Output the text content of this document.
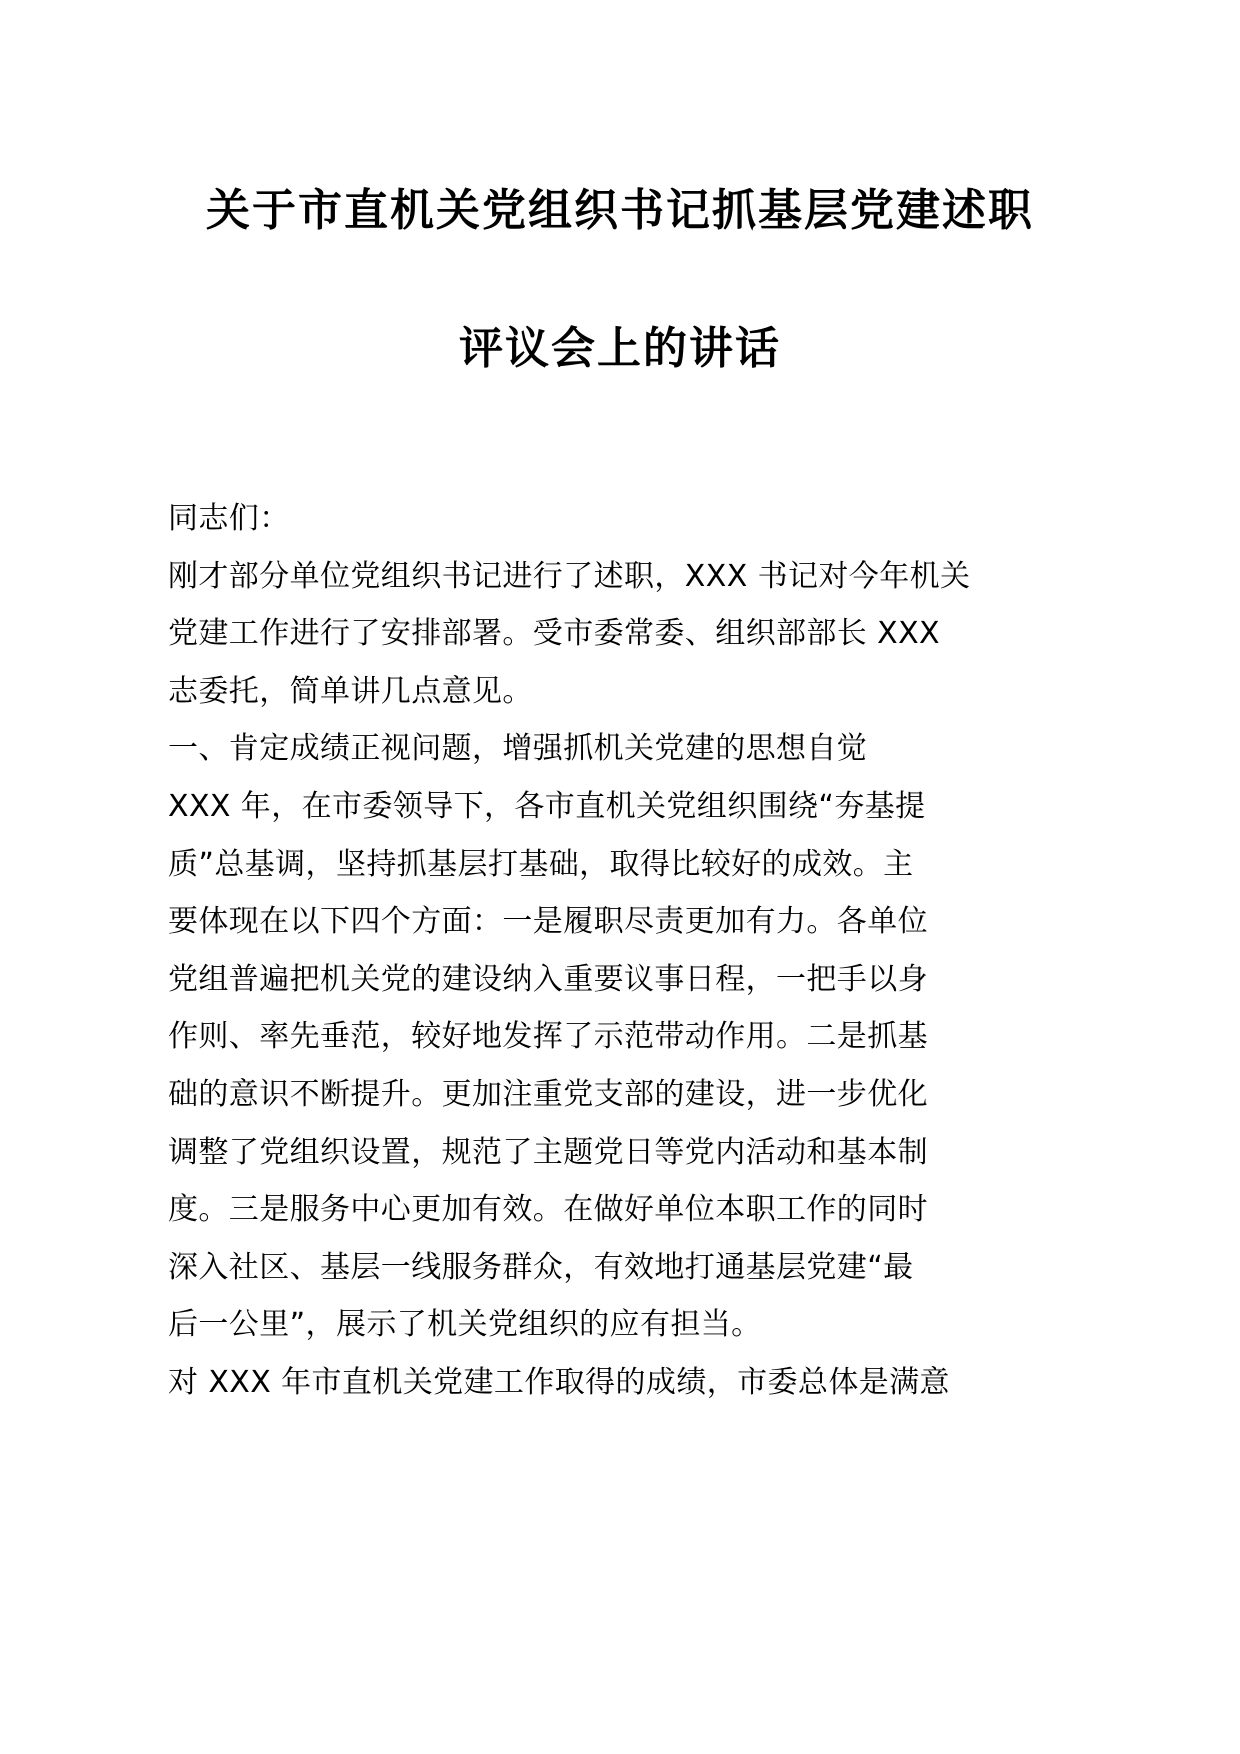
关于市直机关党组织书记抓基层党建述职
评议会上的讲话
同志们：
刚才部分单位党组织书记进行了述职，XXX 书记对今年机关
党建工作进行了安排部署。受市委常委、组织部部长 XXX
志委托，简单讲几点意见。
一、肯定成绩正视问题，增强抓机关党建的思想自觉
XXX 年，在市委领导下，各市直机关党组织围绕“夯基提
质”总基调，坚持抓基层打基础，取得比较好的成效。主
要体现在以下四个方面：一是履职尽责更加有力。各单位
党组普遍把机关党的建设纳入重要议事日程，一把手以身
作则、率先垂范，较好地发挥了示范带动作用。二是抓基
础的意识不断提升。更加注重党支部的建设，进一步优化
调整了党组织设置，规范了主题党日等党内活动和基本制
度。三是服务中心更加有效。在做好单位本职工作的同时
深入社区、基层一线服务群众，有效地打通基层党建“最
后一公里”，展示了机关党组织的应有担当。
对 XXX 年市直机关党建工作取得的成绩，市委总体是满意
